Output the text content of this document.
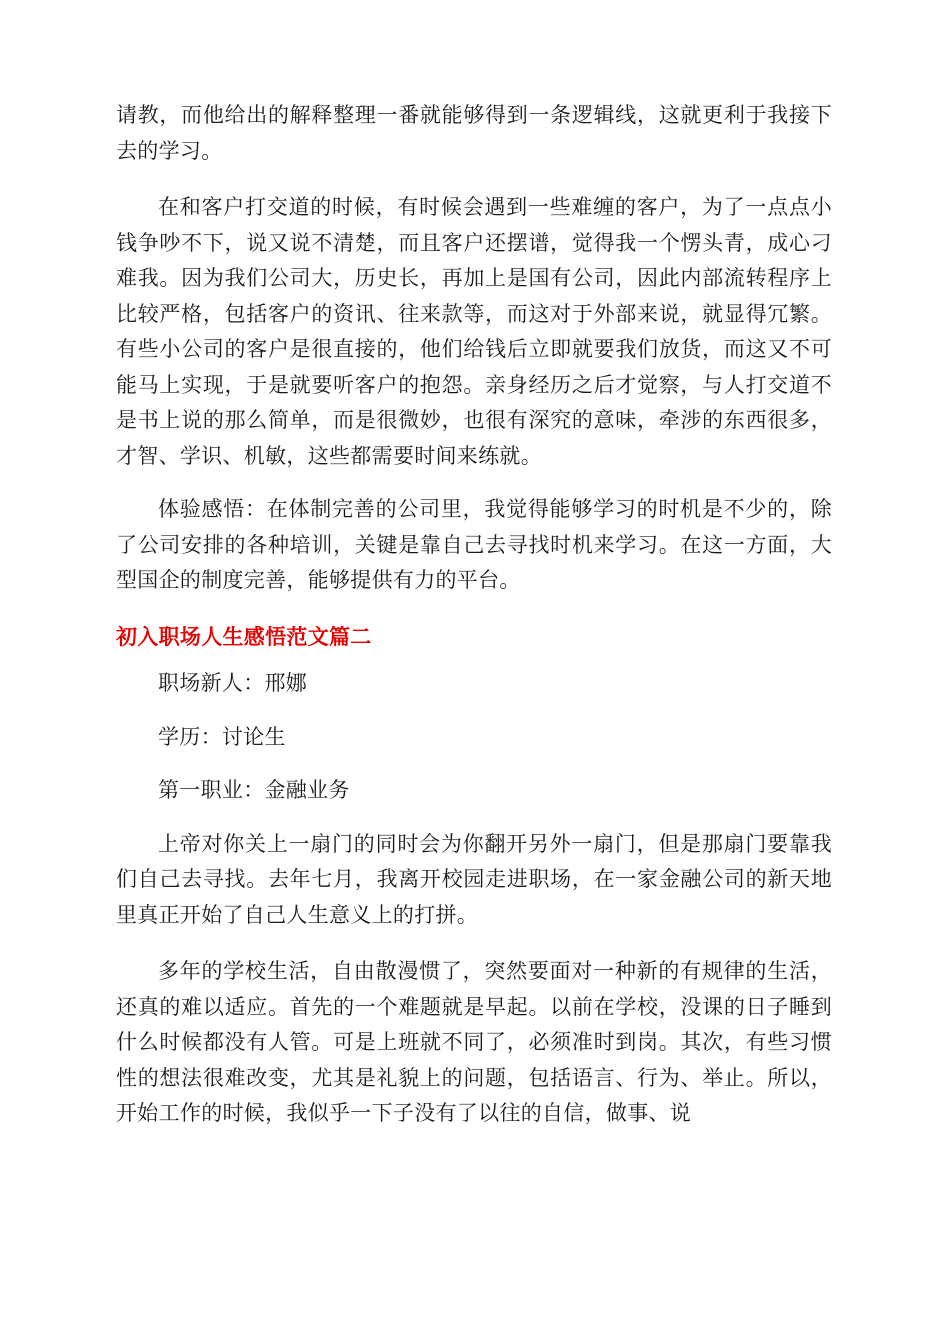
请教，而他给出的解释整理一番就能够得到一条逻辑线，这就更利于我接下去的学习。

在和客户打交道的时候，有时候会遇到一些难缠的客户，为了一点点小钱争吵不下，说又说不清楚，而且客户还摆谱，觉得我一个愣头青，成心刁难我。因为我们公司大，历史长，再加上是国有公司，因此内部流转程序上比较严格，包括客户的资讯、往来款等，而这对于外部来说，就显得冗繁。有些小公司的客户是很直接的，他们给钱后立即就要我们放货，而这又不可能马上实现，于是就要听客户的抱怨。亲身经历之后才觉察，与人打交道不是书上说的那么简单，而是很微妙，也很有深究的意味，牵涉的东西很多，才智、学识、机敏，这些都需要时间来练就。

体验感悟：在体制完善的公司里，我觉得能够学习的时机是不少的，除了公司安排的各种培训，关键是靠自己去寻找时机来学习。在这一方面，大型国企的制度完善，能够提供有力的平台。

初入职场人生感悟范文篇二

职场新人：邢娜

学历：讨论生

第一职业：金融业务

上帝对你关上一扇门的同时会为你翻开另外一扇门，但是那扇门要靠我们自己去寻找。去年七月，我离开校园走进职场，在一家金融公司的新天地里真正开始了自己人生意义上的打拼。

多年的学校生活，自由散漫惯了，突然要面对一种新的有规律的生活，还真的难以适应。首先的一个难题就是早起。以前在学校，没课的日子睡到什么时候都没有人管。可是上班就不同了，必须准时到岗。其次，有些习惯性的想法很难改变，尤其是礼貌上的问题，包括语言、行为、举止。所以，开始工作的时候，我似乎一下子没有了以往的自信，做事、说
